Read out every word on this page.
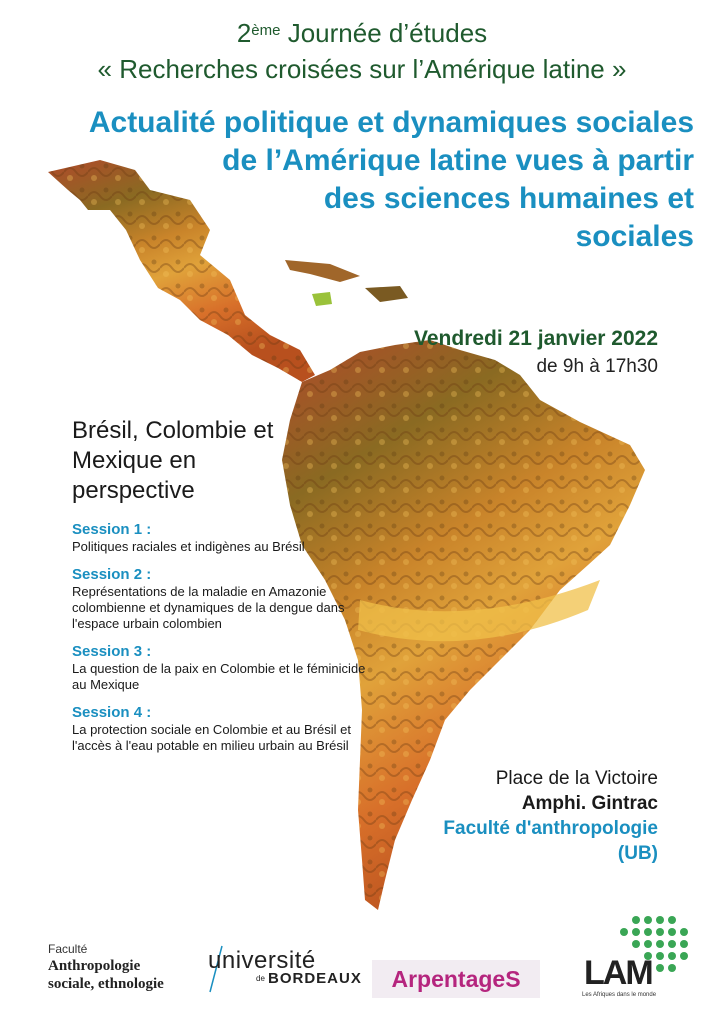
2ème Journée d’études
« Recherches croisées sur l’Amérique latine »
Actualité politique et dynamiques sociales
de l’Amérique latine vues à partir
des sciences humaines et
sociales
Vendredi 21 janvier 2022
de 9h à 17h30
Brésil, Colombie et Mexique en perspective
Session 1 :
Politiques raciales et indigènes au Brésil
Session 2 :
Représentations de la maladie en Amazonie colombienne et dynamiques de la dengue dans l'espace urbain colombien
Session 3 :
La question de la paix en Colombie et le féminicide au Mexique
Session 4 :
La protection sociale en Colombie et au Brésil et l'accès à l'eau potable en milieu urbain au Brésil
Place de la Victoire
Amphi. Gintrac
Faculté d'anthropologie (UB)
Faculté
Anthropologie
sociale, ethnologie
université
de BORDEAUX	ArpentageS	LAM
Les Afriques dans le monde
